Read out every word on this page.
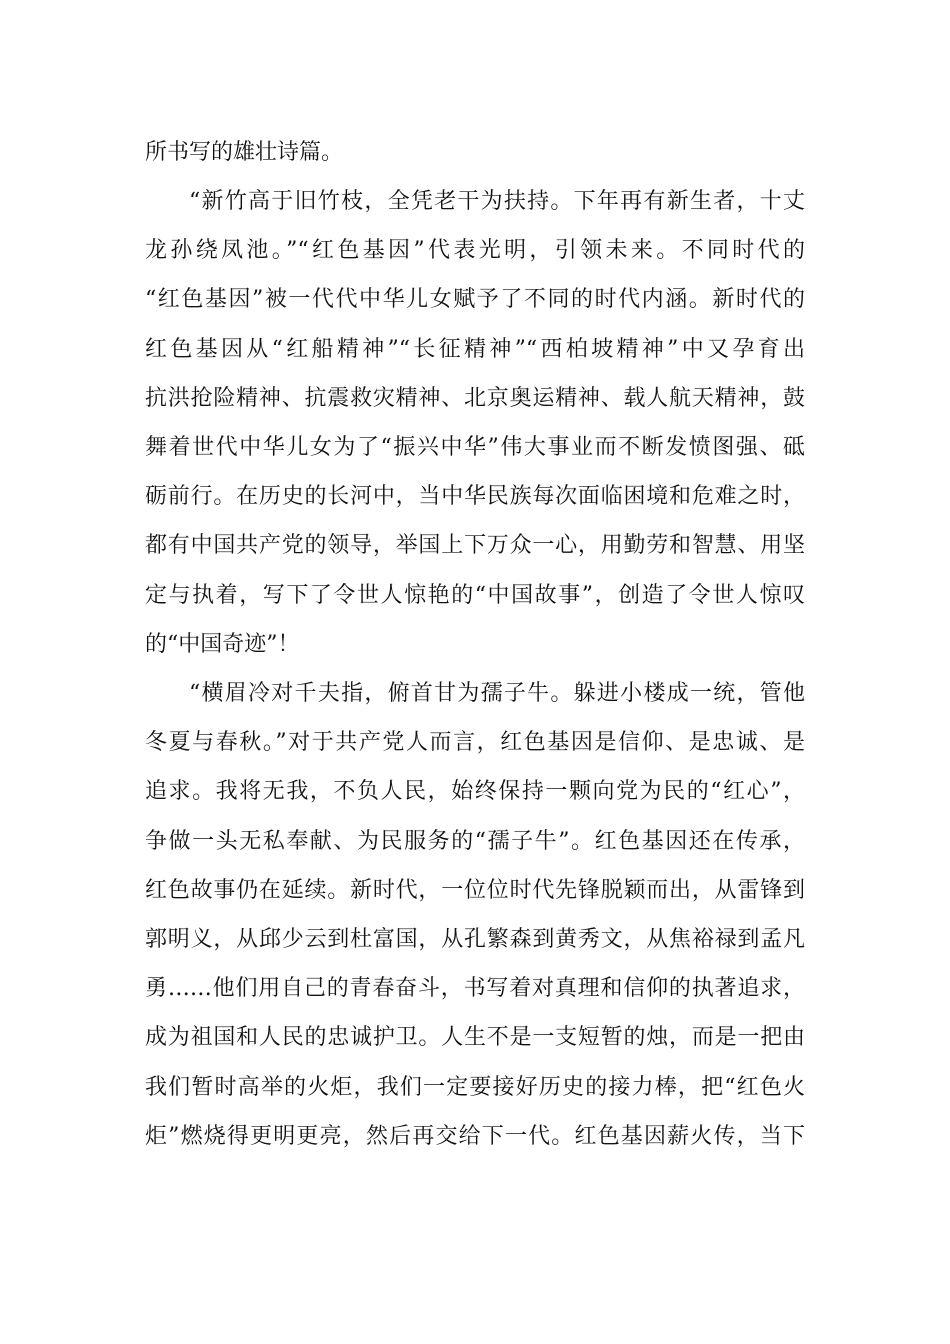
所书写的雄壮诗篇。
“新竹高于旧竹枝，全凭老干为扶持。下年再有新生者，十丈
龙孙绕凤池。”“红色基因”代表光明，引领未来。不同时代的
“红色基因”被一代代中华儿女赋予了不同的时代内涵。新时代的
红色基因从“红船精神”“长征精神”“西柏坡精神”中又孕育出
抗洪抢险精神、抗震救灾精神、北京奥运精神、载人航天精神，鼓
舞着世代中华儿女为了“振兴中华”伟大事业而不断发愤图强、砥
砺前行。在历史的长河中，当中华民族每次面临困境和危难之时，
都有中国共产党的领导，举国上下万众一心，用勤劳和智慧、用坚
定与执着，写下了令世人惊艳的“中国故事”，创造了令世人惊叹
的“中国奇迹”！
“横眉冷对千夫指，俯首甘为孺子牛。躲进小楼成一统，管他
冬夏与春秋。”对于共产党人而言，红色基因是信仰、是忠诚、是
追求。我将无我，不负人民，始终保持一颗向党为民的“红心”，
争做一头无私奉献、为民服务的“孺子牛”。红色基因还在传承，
红色故事仍在延续。新时代，一位位时代先锋脱颖而出，从雷锋到
郭明义，从邱少云到杜富国，从孔繁森到黄秀文，从焦裕禄到孟凡
勇……他们用自己的青春奋斗，书写着对真理和信仰的执著追求，
成为祖国和人民的忠诚护卫。人生不是一支短暂的烛，而是一把由
我们暂时高举的火炬，我们一定要接好历史的接力棒，把“红色火
炬”燃烧得更明更亮，然后再交给下一代。红色基因薪火传，当下
